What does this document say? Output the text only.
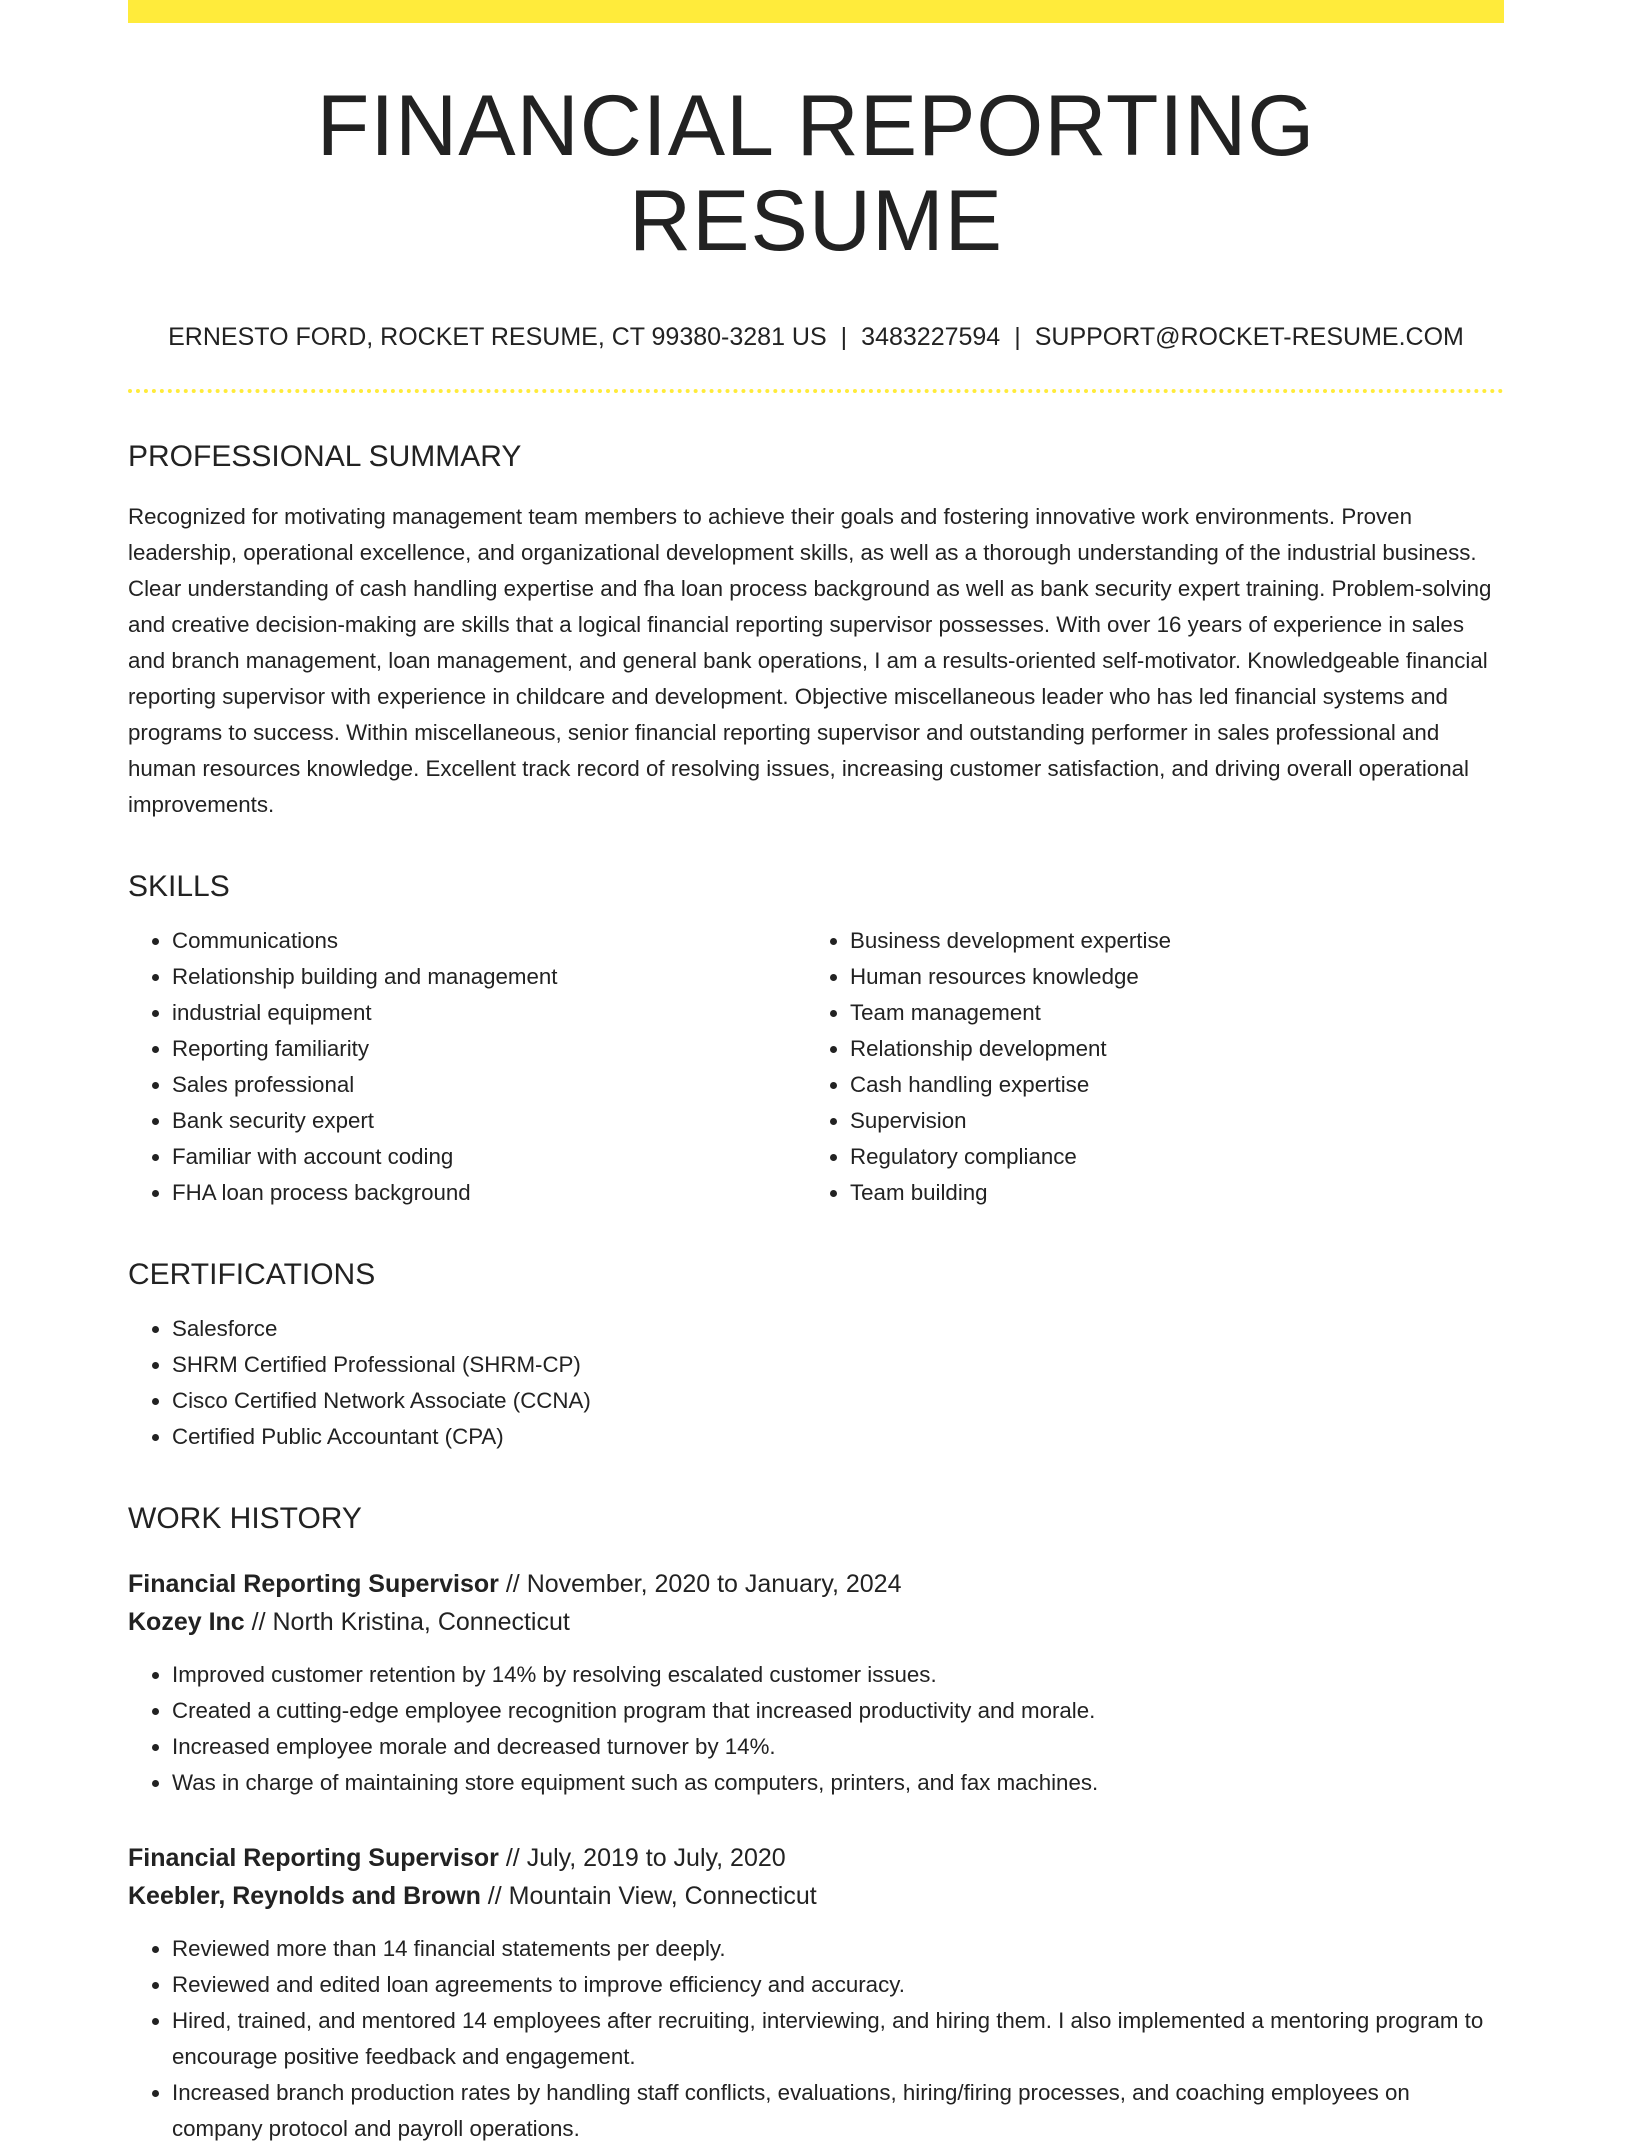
FINANCIAL REPORTING RESUME
ERNESTO FORD, ROCKET RESUME, CT 99380-3281 US | 3483227594 | SUPPORT@ROCKET-RESUME.COM
PROFESSIONAL SUMMARY

Recognized for motivating management team members to achieve their goals and fostering innovative work environments. Proven leadership, operational excellence, and organizational development skills, as well as a thorough understanding of the industrial business. Clear understanding of cash handling expertise and fha loan process background as well as bank security expert training. Problem-solving and creative decision-making are skills that a logical financial reporting supervisor possesses. With over 16 years of experience in sales and branch management, loan management, and general bank operations, I am a results-oriented self-motivator. Knowledgeable financial reporting supervisor with experience in childcare and development. Objective miscellaneous leader who has led financial systems and programs to success. Within miscellaneous, senior financial reporting supervisor and outstanding performer in sales professional and human resources knowledge. Excellent track record of resolving issues, increasing customer satisfaction, and driving overall operational improvements.

SKILLS
• Communications
• Relationship building and management
• industrial equipment
• Reporting familiarity
• Sales professional
• Bank security expert
• Familiar with account coding
• FHA loan process background
• Business development expertise
• Human resources knowledge
• Team management
• Relationship development
• Cash handling expertise
• Supervision
• Regulatory compliance
• Team building
CERTIFICATIONS
• Salesforce
• SHRM Certified Professional (SHRM-CP)
• Cisco Certified Network Associate (CCNA)
• Certified Public Accountant (CPA)
WORK HISTORY
Financial Reporting Supervisor // November, 2020 to January, 2024
Kozey Inc // North Kristina, Connecticut
• Improved customer retention by 14% by resolving escalated customer issues.
• Created a cutting-edge employee recognition program that increased productivity and morale.
• Increased employee morale and decreased turnover by 14%.
• Was in charge of maintaining store equipment such as computers, printers, and fax machines.
Financial Reporting Supervisor // July, 2019 to July, 2020
Keebler, Reynolds and Brown // Mountain View, Connecticut
• Reviewed more than 14 financial statements per deeply.
• Reviewed and edited loan agreements to improve efficiency and accuracy.
• Hired, trained, and mentored 14 employees after recruiting, interviewing, and hiring them. I also implemented a mentoring program to encourage positive feedback and engagement.
• Increased branch production rates by handling staff conflicts, evaluations, hiring/firing processes, and coaching employees on company protocol and payroll operations.
